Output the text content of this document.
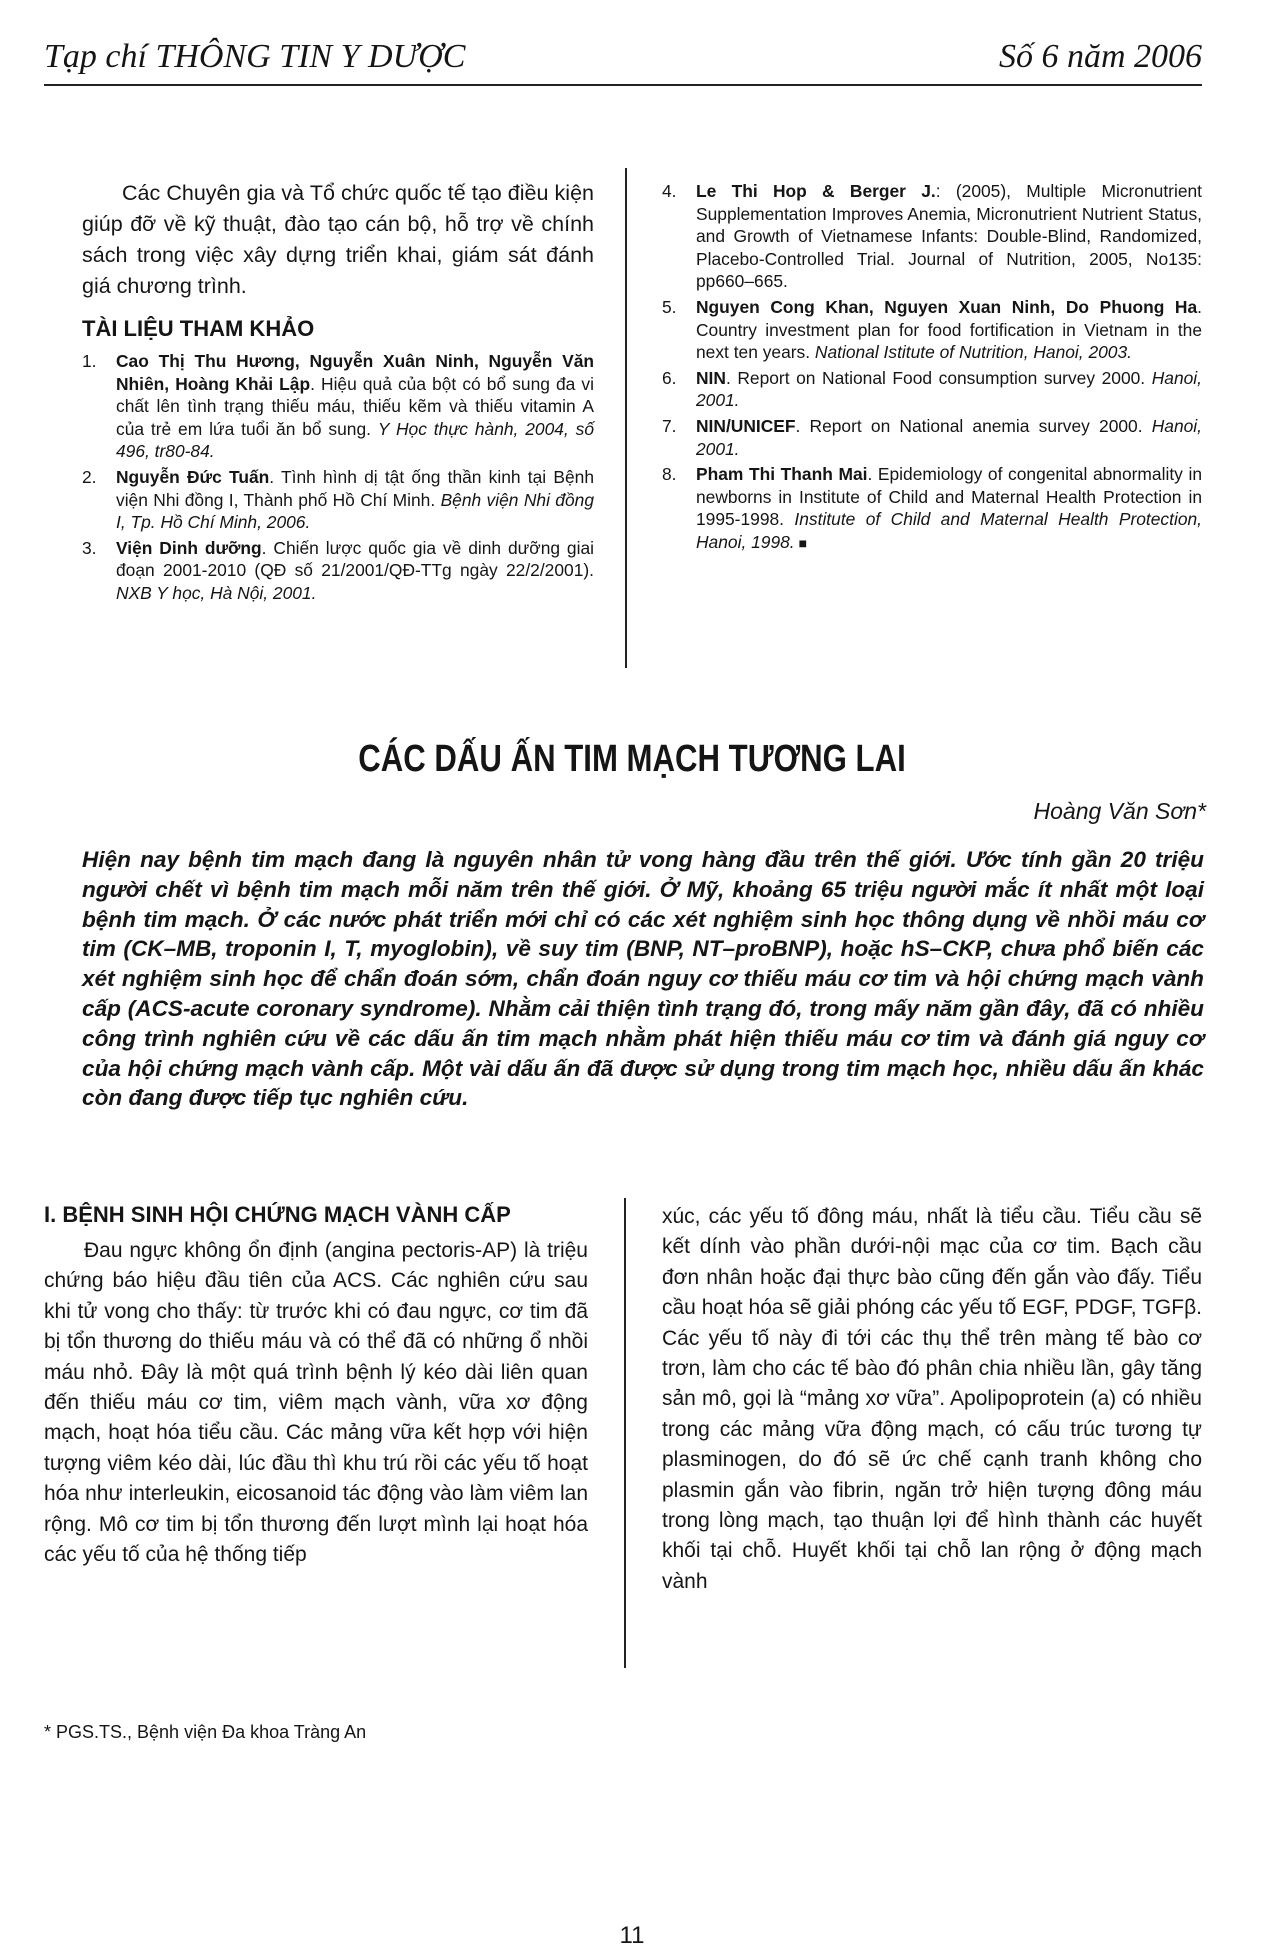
Tạp chí THÔNG TIN Y DƯỢC	Số 6 năm 2006

Các Chuyên gia và Tổ chức quốc tế tạo điều kiện giúp đỡ về kỹ thuật, đào tạo cán bộ, hỗ trợ về chính sách trong việc xây dựng triển khai, giám sát đánh giá chương trình.

TÀI LIỆU THAM KHẢO
1.	Cao Thị Thu Hương, Nguyễn Xuân Ninh, Nguyễn Văn Nhiên, Hoàng Khải Lập. Hiệu quả của bột có bổ sung đa vi chất lên tình trạng thiếu máu, thiếu kẽm và thiếu vitamin A của trẻ em lứa tuổi ăn bổ sung. Y Học thực hành, 2004, số 496, tr80-84.
2.	Nguyễn Đức Tuấn. Tình hình dị tật ống thần kinh tại Bệnh viện Nhi đồng I, Thành phố Hồ Chí Minh. Bệnh viện Nhi đồng I, Tp. Hồ Chí Minh, 2006.
3.	Viện Dinh dưỡng. Chiến lược quốc gia về dinh dưỡng giai đoạn 2001-2010 (QĐ số 21/2001/QĐ-TTg ngày 22/2/2001). NXB Y học, Hà Nội, 2001.
4.	Le Thi Hop & Berger J.: (2005), Multiple Micronutrient Supplementation Improves Anemia, Micronutrient Nutrient Status, and Growth of Vietnamese Infants: Double-Blind, Randomized, Placebo-Controlled Trial. Journal of Nutrition, 2005, No135: pp660–665.
5.	Nguyen Cong Khan, Nguyen Xuan Ninh, Do Phuong Ha. Country investment plan for food fortification in Vietnam in the next ten years. National Istitute of Nutrition, Hanoi, 2003.
6.	NIN. Report on National Food consumption survey 2000. Hanoi, 2001.
7.	NIN/UNICEF. Report on National anemia survey 2000. Hanoi, 2001.
8.	Pham Thi Thanh Mai. Epidemiology of congenital abnormality in newborns in Institute of Child and Maternal Health Protection in 1995-1998. Institute of Child and Maternal Health Protection, Hanoi, 1998. ■
CÁC DẤU ẤN TIM MẠCH TƯƠNG LAI
Hoàng Văn Sơn*

Hiện nay bệnh tim mạch đang là nguyên nhân tử vong hàng đầu trên thế giới. Ước tính gần 20 triệu người chết vì bệnh tim mạch mỗi năm trên thế giới. Ở Mỹ, khoảng 65 triệu người mắc ít nhất một loại bệnh tim mạch. Ở các nước phát triển mới chỉ có các xét nghiệm sinh học thông dụng về nhồi máu cơ tim (CK–MB, troponin I, T, myoglobin), về suy tim (BNP, NT–proBNP), hoặc hS–CKP, chưa phổ biến các xét nghiệm sinh học để chẩn đoán sớm, chẩn đoán nguy cơ thiếu máu cơ tim và hội chứng mạch vành cấp (ACS-acute coronary syndrome). Nhằm cải thiện tình trạng đó, trong mấy năm gần đây, đã có nhiều công trình nghiên cứu về các dấu ấn tim mạch nhằm phát hiện thiếu máu cơ tim và đánh giá nguy cơ của hội chứng mạch vành cấp. Một vài dấu ấn đã được sử dụng trong tim mạch học, nhiều dấu ấn khác còn đang được tiếp tục nghiên cứu.

I. BỆNH SINH HỘI CHỨNG MẠCH VÀNH CẤP

Đau ngực không ổn định (angina pectoris-AP) là triệu chứng báo hiệu đầu tiên của ACS. Các nghiên cứu sau khi tử vong cho thấy: từ trước khi có đau ngực, cơ tim đã bị tổn thương do thiếu máu và có thể đã có những ổ nhồi máu nhỏ. Đây là một quá trình bệnh lý kéo dài liên quan đến thiếu máu cơ tim, viêm mạch vành, vữa xơ động mạch, hoạt hóa tiểu cầu. Các mảng vữa kết hợp với hiện tượng viêm kéo dài, lúc đầu thì khu trú rồi các yếu tố hoạt hóa như interleukin, eicosanoid tác động vào làm viêm lan rộng. Mô cơ tim bị tổn thương đến lượt mình lại hoạt hóa các yếu tố của hệ thống tiếp

xúc, các yếu tố đông máu, nhất là tiểu cầu. Tiểu cầu sẽ kết dính vào phần dưới-nội mạc của cơ tim. Bạch cầu đơn nhân hoặc đại thực bào cũng đến gắn vào đấy. Tiểu cầu hoạt hóa sẽ giải phóng các yếu tố EGF, PDGF, TGFβ. Các yếu tố này đi tới các thụ thể trên màng tế bào cơ trơn, làm cho các tế bào đó phân chia nhiều lần, gây tăng sản mô, gọi là “mảng xơ vữa”. Apolipoprotein (a) có nhiều trong các mảng vữa động mạch, có cấu trúc tương tự plasminogen, do đó sẽ ức chế cạnh tranh không cho plasmin gắn vào fibrin, ngăn trở hiện tượng đông máu trong lòng mạch, tạo thuận lợi để hình thành các huyết khối tại chỗ. Huyết khối tại chỗ lan rộng ở động mạch vành

* PGS.TS., Bệnh viện Đa khoa Tràng An
11
